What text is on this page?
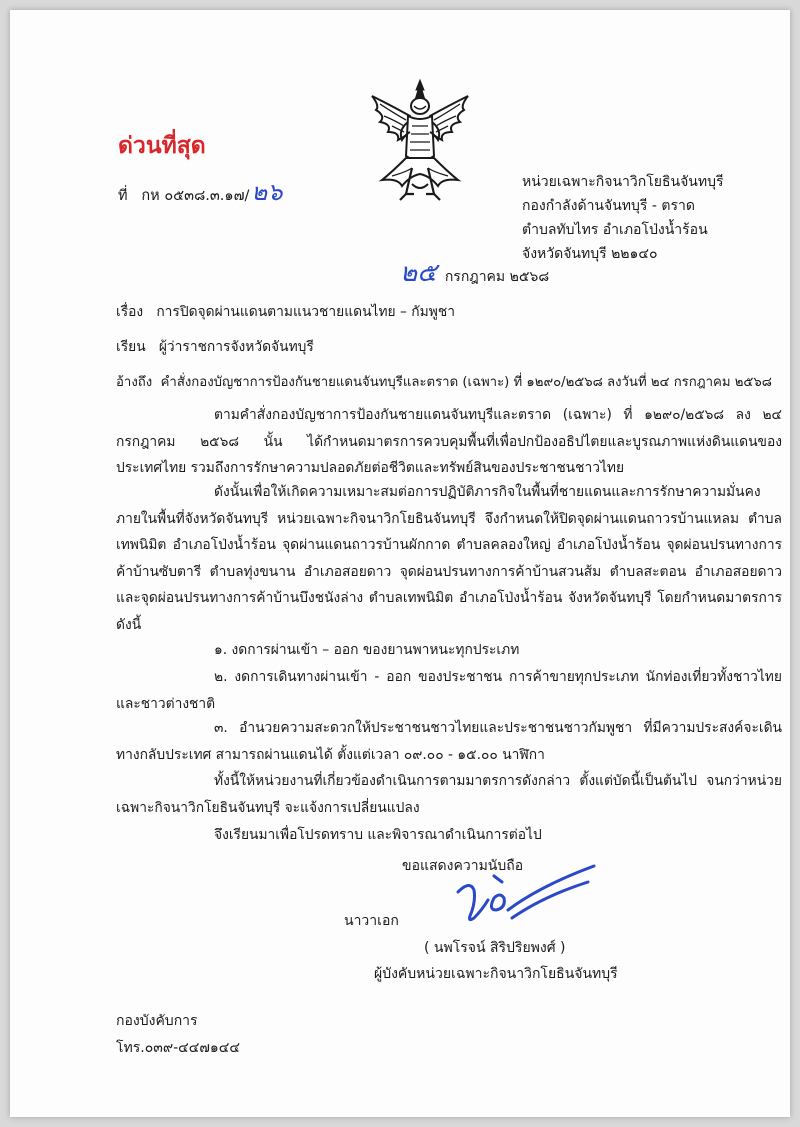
ด่วนที่สุด
ที่ กห ๐๕๓๘.๓.๑๗/๒๖	หน่วยเฉพาะกิจนาวิกโยธินจันทบุรี
กองกำลังด้านจันทบุรี - ตราด
ตำบลทับไทร อำเภอโป่งน้ำร้อน
จังหวัดจันทบุรี ๒๒๑๔๐
๒๕ กรกฎาคม ๒๕๖๘
เรื่อง การปิดจุดผ่านแดนตามแนวชายแดนไทย – กัมพูชา
เรียน ผู้ว่าราชการจังหวัดจันทบุรี
อ้างถึง คำสั่งกองบัญชาการป้องกันชายแดนจันทบุรีและตราด (เฉพาะ) ที่ ๑๒๙๐/๒๕๖๘ ลงวันที่ ๒๔ กรกฎาคม ๒๕๖๘
ตามคำสั่งกองบัญชาการป้องกันชายแดนจันทบุรีและตราด (เฉพาะ) ที่ ๑๒๙๐/๒๕๖๘ ลง ๒๔ กรกฎาคม ๒๕๖๘ นั้น ได้กำหนดมาตรการควบคุมพื้นที่เพื่อปกป้องอธิปไตยและบูรณภาพแห่งดินแดนของประเทศไทย รวมถึงการรักษาความปลอดภัยต่อชีวิตและทรัพย์สินของประชาชนชาวไทย
ดังนั้นเพื่อให้เกิดความเหมาะสมต่อการปฏิบัติภารกิจในพื้นที่ชายแดนและการรักษาความมั่นคงภายในพื้นที่จังหวัดจันทบุรี หน่วยเฉพาะกิจนาวิกโยธินจันทบุรี จึงกำหนดให้ปิดจุดผ่านแดนถาวรบ้านแหลม ตำบลเทพนิมิต อำเภอโป่งน้ำร้อน จุดผ่านแดนถาวรบ้านผักกาด ตำบลคลองใหญ่ อำเภอโป่งน้ำร้อน จุดผ่อนปรนทางการค้าบ้านซับตารี ตำบลทุ่งขนาน อำเภอสอยดาว จุดผ่อนปรนทางการค้าบ้านสวนส้ม ตำบลสะตอน อำเภอสอยดาว และจุดผ่อนปรนทางการค้าบ้านบึงชนังล่าง ตำบลเทพนิมิต อำเภอโป่งน้ำร้อน จังหวัดจันทบุรี โดยกำหนดมาตรการ ดังนี้
๑. งดการผ่านเข้า – ออก ของยานพาหนะทุกประเภท
๒. งดการเดินทางผ่านเข้า - ออก ของประชาชน การค้าขายทุกประเภท นักท่องเที่ยวทั้งชาวไทยและชาวต่างชาติ
๓. อำนวยความสะดวกให้ประชาชนชาวไทยและประชาชนชาวกัมพูชา ที่มีความประสงค์จะเดินทางกลับประเทศ สามารถผ่านแดนได้ ตั้งแต่เวลา ๐๙.๐๐ - ๑๕.๐๐ นาฬิกา
ทั้งนี้ให้หน่วยงานที่เกี่ยวข้องดำเนินการตามมาตรการดังกล่าว ตั้งแต่บัดนี้เป็นต้นไป จนกว่าหน่วยเฉพาะกิจนาวิกโยธินจันทบุรี จะแจ้งการเปลี่ยนแปลง
จึงเรียนมาเพื่อโปรดทราบ และพิจารณาดำเนินการต่อไป
ขอแสดงความนับถือ
นาวาเอก
( นพโรจน์ สิริปริยพงศ์ )
ผู้บังคับหน่วยเฉพาะกิจนาวิกโยธินจันทบุรี
กองบังคับการ
โทร.๐๓๙-๔๔๗๑๔๔
